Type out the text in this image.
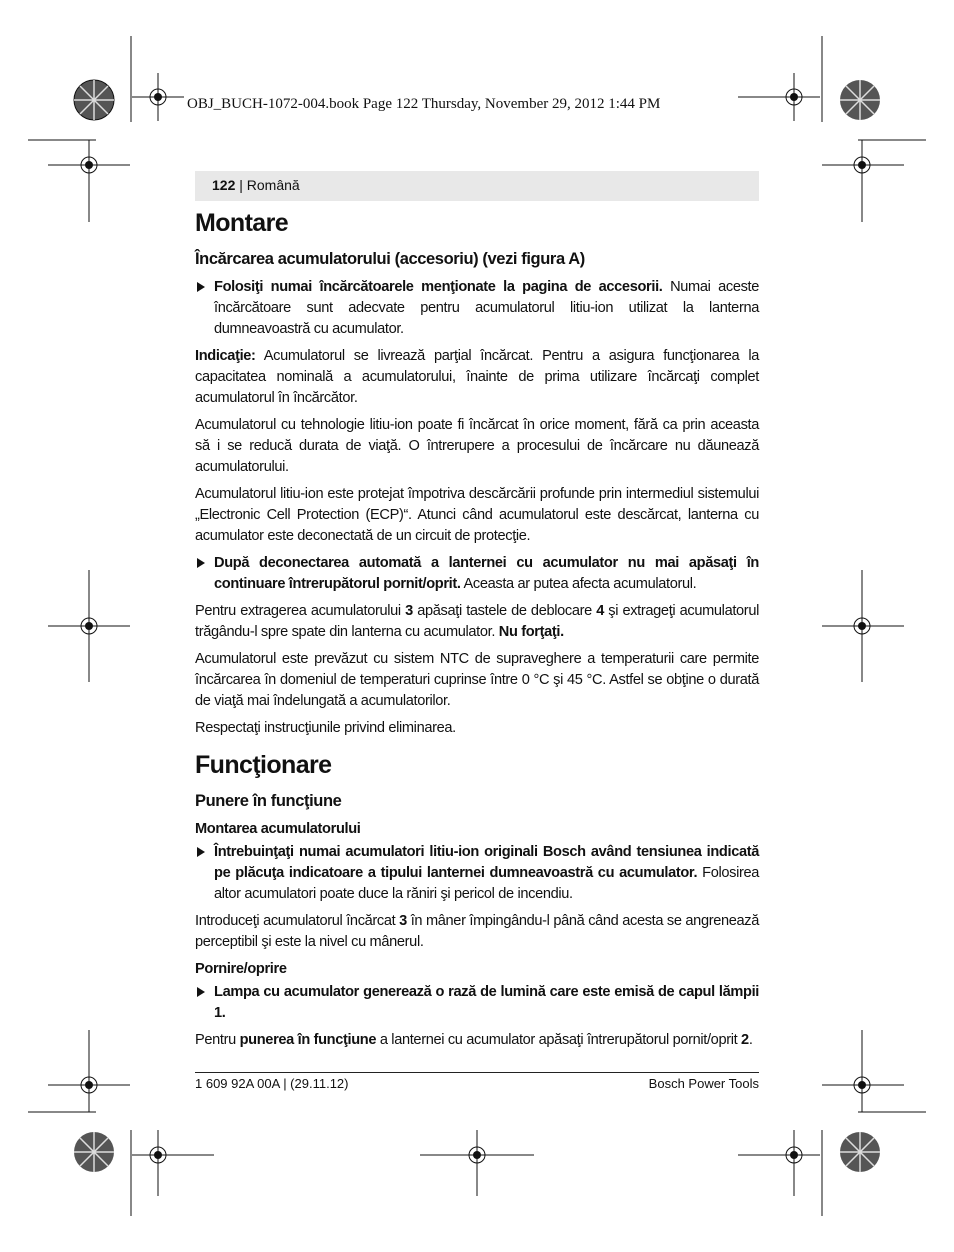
OBJ_BUCH-1072-004.book Page 122 Thursday, November 29, 2012 1:44 PM
122 | Română
Montare
Încărcarea acumulatorului (accesoriu) (vezi figura A)
Folosiţi numai încărcătoarele menţionate la pagina de accesorii. Numai aceste încărcătoare sunt adecvate pentru acumulatorul litiu-ion utilizat la lanterna dumneavoastră cu acumulator.

Indicaţie: Acumulatorul se livrează parţial încărcat. Pentru a asigura funcţionarea la capacitatea nominală a acumulatorului, înainte de prima utilizare încărcaţi complet acumulatorul în încărcător.

Acumulatorul cu tehnologie litiu-ion poate fi încărcat în orice moment, fără ca prin aceasta să i se reducă durata de viaţă. O întrerupere a procesului de încărcare nu dăunează acumulatorului.

Acumulatorul litiu-ion este protejat împotriva descărcării profunde prin intermediul sistemului „Electronic Cell Protection (ECP)“. Atunci când acumulatorul este descărcat, lanterna cu acumulator este deconectată de un circuit de protecţie.

După deconectarea automată a lanternei cu acumulator nu mai apăsaţi în continuare întrerupătorul pornit/oprit. Aceasta ar putea afecta acumulatorul.

Pentru extragerea acumulatorului 3 apăsaţi tastele de deblocare 4 şi extrageţi acumulatorul trăgându-l spre spate din lanterna cu acumulator. Nu forţaţi.

Acumulatorul este prevăzut cu sistem NTC de supraveghere a temperaturii care permite încărcarea în domeniul de temperaturi cuprinse între 0 °C şi 45 °C. Astfel se obţine o durată de viaţă mai îndelungată a acumulatorilor.

Respectaţi instrucţiunile privind eliminarea.

Funcţionare
Punere în funcţiune
Montarea acumulatorului
Întrebuinţaţi numai acumulatori litiu-ion originali Bosch având tensiunea indicată pe plăcuţa indicatoare a tipului lanternei dumneavoastră cu acumulator. Folosirea altor acumulatori poate duce la răniri şi pericol de incendiu.

Introduceţi acumulatorul încărcat 3 în mâner împingându-l până când acesta se angrenează perceptibil şi este la nivel cu mânerul.

Pornire/oprire
Lampa cu acumulator generează o rază de lumină care este emisă de capul lămpii 1.

Pentru punerea în funcţiune a lanternei cu acumulator apăsaţi întrerupătorul pornit/oprit 2.

1 609 92A 00A | (29.11.12)	Bosch Power Tools
